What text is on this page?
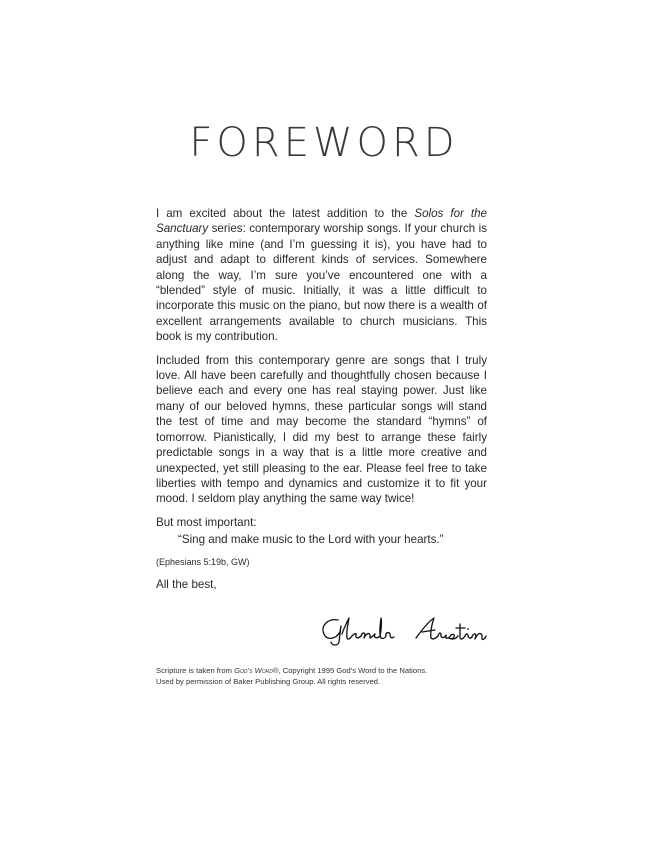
FOREWORD

I am excited about the latest addition to the Solos for the Sanctuary series: contemporary worship songs. If your church is anything like mine (and I’m guessing it is), you have had to adjust and adapt to different kinds of services. Somewhere along the way, I’m sure you’ve encountered one with a “blended” style of music. Initially, it was a little difficult to incorporate this music on the piano, but now there is a wealth of excellent arrangements available to church musicians. This book is my contribution.

Included from this contemporary genre are songs that I truly love. All have been carefully and thoughtfully chosen because I believe each and every one has real staying power. Just like many of our beloved hymns, these particular songs will stand the test of time and may become the standard “hymns” of tomorrow. Pianistically, I did my best to arrange these fairly predictable songs in a way that is a little more creative and unexpected, yet still pleasing to the ear. Please feel free to take liberties with tempo and dynamics and customize it to fit your mood. I seldom play anything the same way twice!

But most important:

“Sing and make music to the Lord with your hearts.”

(Ephesians 5:19b, GW)

All the best,

Scripture is taken from God’s Word®, Copyright 1995 God’s Word to the Nations.
Used by permission of Baker Publishing Group. All rights reserved.
